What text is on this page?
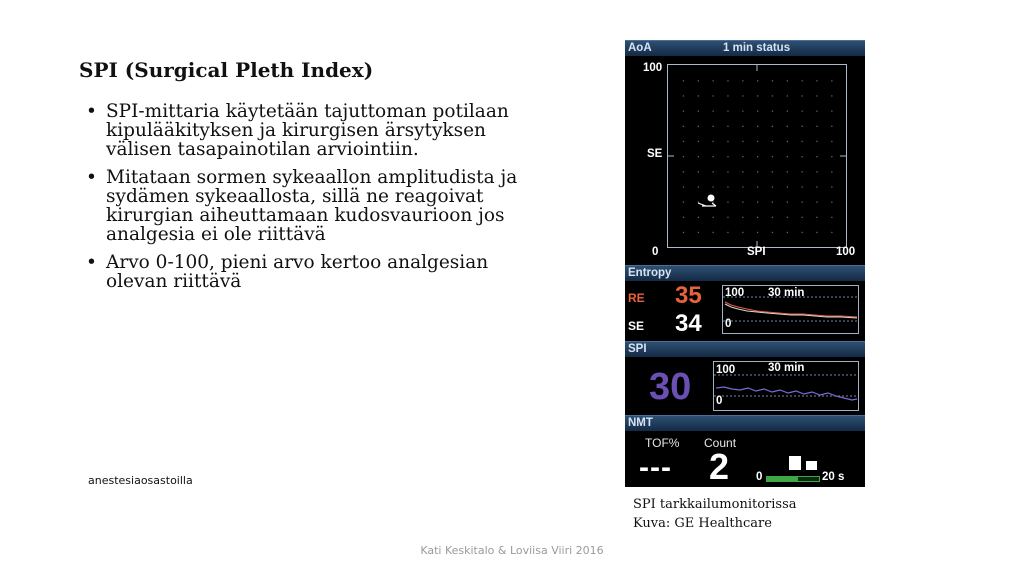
SPI (Surgical Pleth Index)
• SPI-mittaria käytetään tajuttoman potilaan kipulääkityksen ja kirurgisen ärsytyksen välisen tasapainotilan arviointiin.
• Mitataan sormen sykeaallon amplitudista ja sydämen sykeaallosta, sillä ne reagoivat kirurgian aiheuttamaan kudosvaurioon jos analgesia ei ole riittävä
• Arvo 0-100, pieni arvo kertoo analgesian olevan riittävä
anestesiaosastoilla
AoA	1 min status
100
SE
0	SPI	100
Entropy
RE 35
SE 34
100 30 min
0
SPI
30 100	30 min
0
NMT
TOF%
---
Count
2 0	20 s
SPI tarkkailumonitorissa
Kuva: GE Healthcare
Kati Keskitalo & Loviisa Viiri 2016
